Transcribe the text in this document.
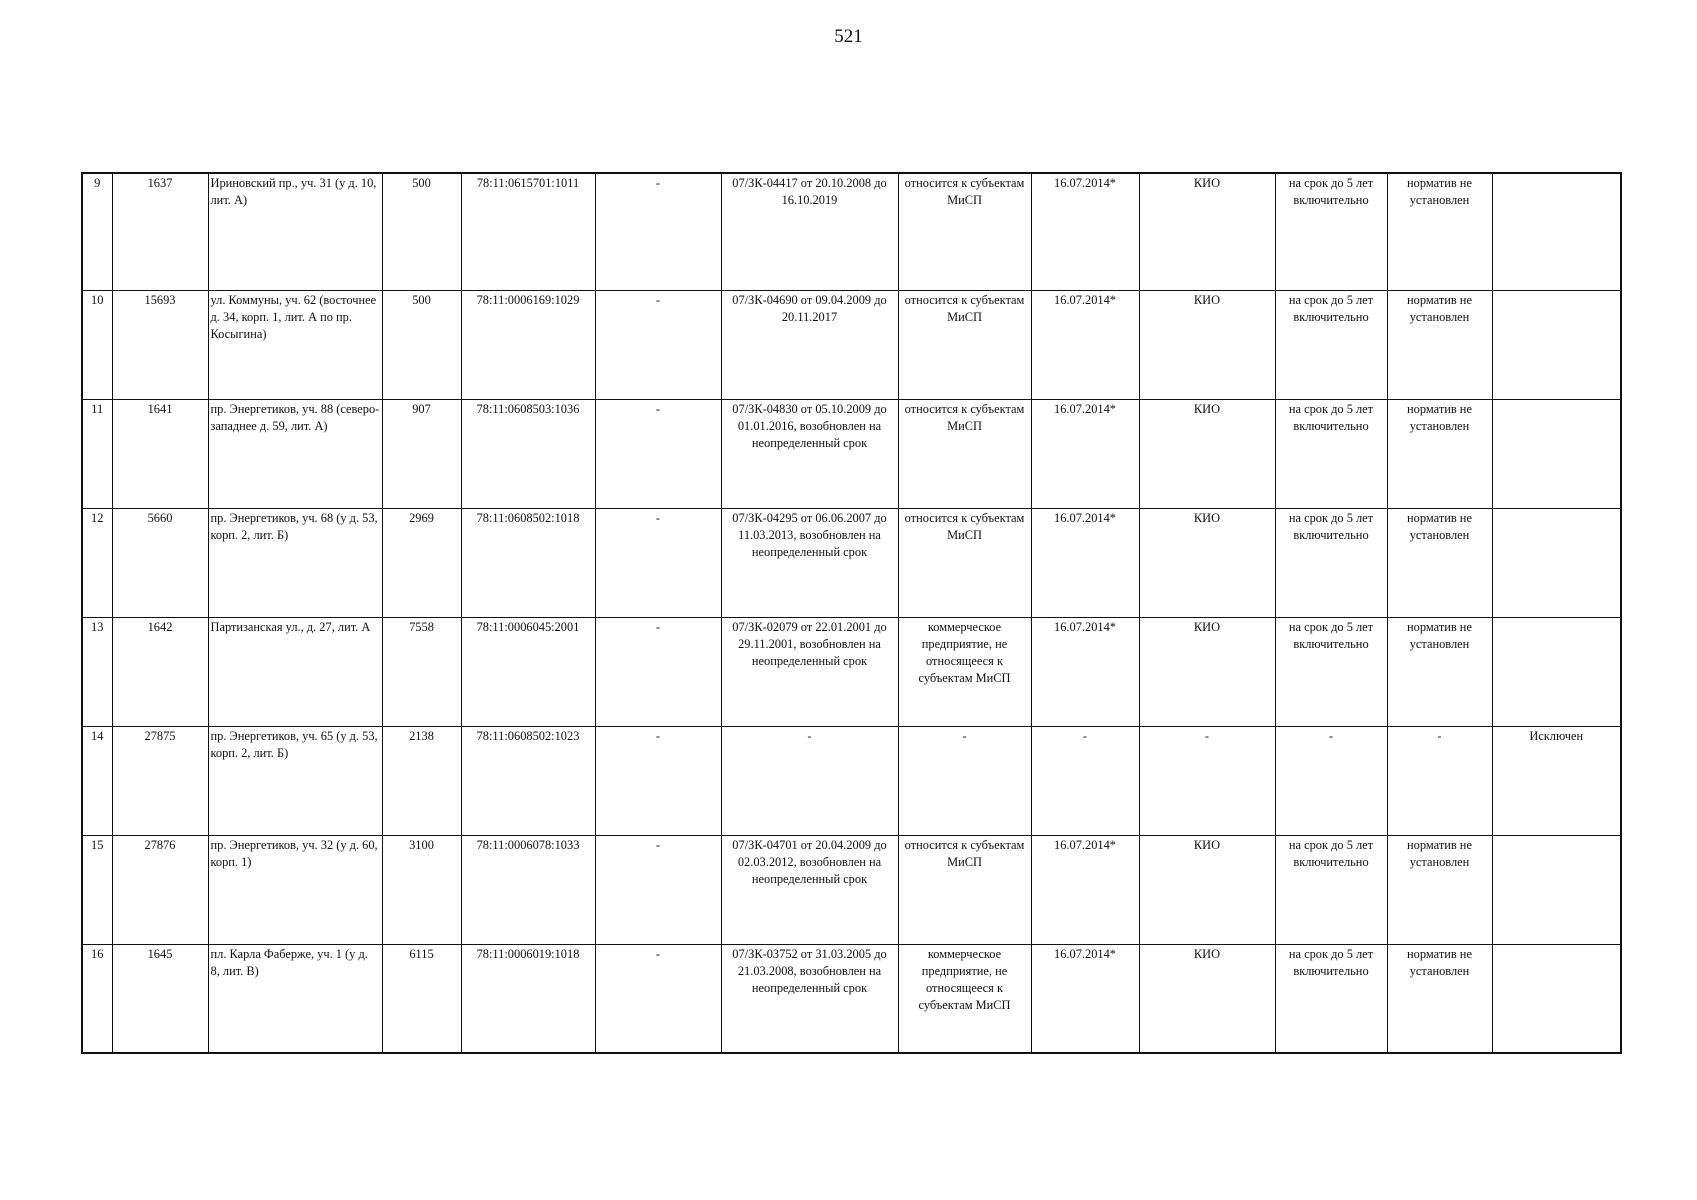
521
9	1637	Ириновский пр., уч. 31 (у д. 10, лит. А)	500	78:11:0615701:1011	-	07/ЗК-04417 от 20.10.2008 до 16.10.2019	относится к субъектам МиСП	16.07.2014*	КИО	на срок до 5 лет включительно	норматив не установлен	
10	15693	ул. Коммуны, уч. 62 (восточнее д. 34, корп. 1, лит. А по пр. Косыгина)	500	78:11:0006169:1029	-	07/ЗК-04690 от 09.04.2009 до 20.11.2017	относится к субъектам МиСП	16.07.2014*	КИО	на срок до 5 лет включительно	норматив не установлен	
11	1641	пр. Энергетиков, уч. 88 (северо-западнее д. 59, лит. А)	907	78:11:0608503:1036	-	07/ЗК-04830 от 05.10.2009 до 01.01.2016, возобновлен на неопределенный срок	относится к субъектам МиСП	16.07.2014*	КИО	на срок до 5 лет включительно	норматив не установлен	
12	5660	пр. Энергетиков, уч. 68 (у д. 53, корп. 2, лит. Б)	2969	78:11:0608502:1018	-	07/ЗК-04295 от 06.06.2007 до 11.03.2013, возобновлен на неопределенный срок	относится к субъектам МиСП	16.07.2014*	КИО	на срок до 5 лет включительно	норматив не установлен	
13	1642	Партизанская ул., д. 27, лит. А	7558	78:11:0006045:2001	-	07/ЗК-02079 от 22.01.2001 до 29.11.2001, возобновлен на неопределенный срок	коммерческое предприятие, не относящееся к субъектам МиСП	16.07.2014*	КИО	на срок до 5 лет включительно	норматив не установлен	
14	27875	пр. Энергетиков, уч. 65 (у д. 53, корп. 2, лит. Б)	2138	78:11:0608502:1023	-	-	-	-	-	-	-	Исключен
15	27876	пр. Энергетиков, уч. 32 (у д. 60, корп. 1)	3100	78:11:0006078:1033	-	07/ЗК-04701 от 20.04.2009 до 02.03.2012, возобновлен на неопределенный срок	относится к субъектам МиСП	16.07.2014*	КИО	на срок до 5 лет включительно	норматив не установлен	
16	1645	пл. Карла Фаберже, уч. 1 (у д. 8, лит. В)	6115	78:11:0006019:1018	-	07/ЗК-03752 от 31.03.2005 до 21.03.2008, возобновлен на неопределенный срок	коммерческое предприятие, не относящееся к субъектам МиСП	16.07.2014*	КИО	на срок до 5 лет включительно	норматив не установлен	
